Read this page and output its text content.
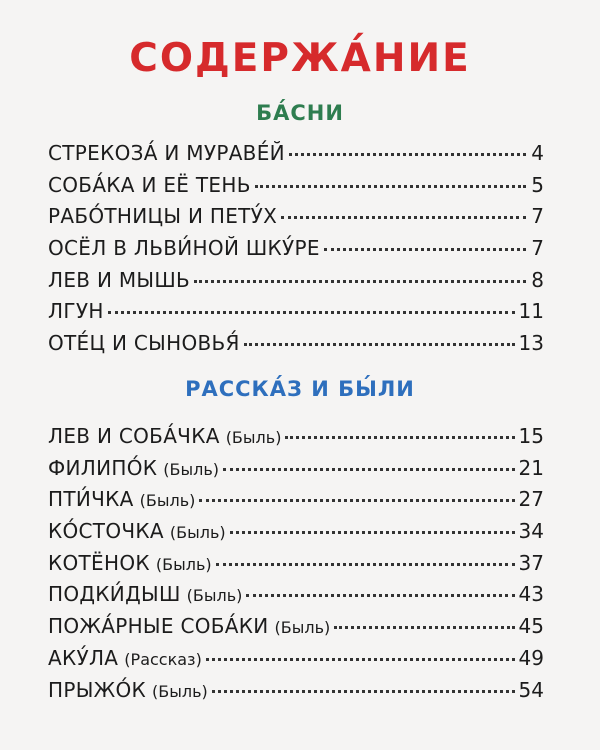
СОДЕРЖА́НИЕ
БА́СНИ
СТРЕКОЗА́ И МУРАВЕ́Й	4
СОБА́КА И ЕЁ ТЕНЬ	5
РАБО́ТНИЦЫ И ПЕТУ́Х	7
ОСЁЛ В ЛЬВИ́НОЙ ШКУ́РЕ	7
ЛЕВ И МЫШЬ	8
ЛГУН	11
ОТЕ́Ц И СЫНОВЬЯ́	13
РАССКА́З И БЫ́ЛИ
ЛЕВ И СОБА́ЧКА (Быль)	15
ФИЛИПО́К (Быль)	21
ПТИ́ЧКА (Быль)	27
КО́СТОЧКА (Быль)	34
КОТЁНОК (Быль)	37
ПОДКИ́ДЫШ (Быль)	43
ПОЖА́РНЫЕ СОБА́КИ (Быль)	45
АКУ́ЛА (Рассказ)	49
ПРЫЖО́К (Быль)	54
